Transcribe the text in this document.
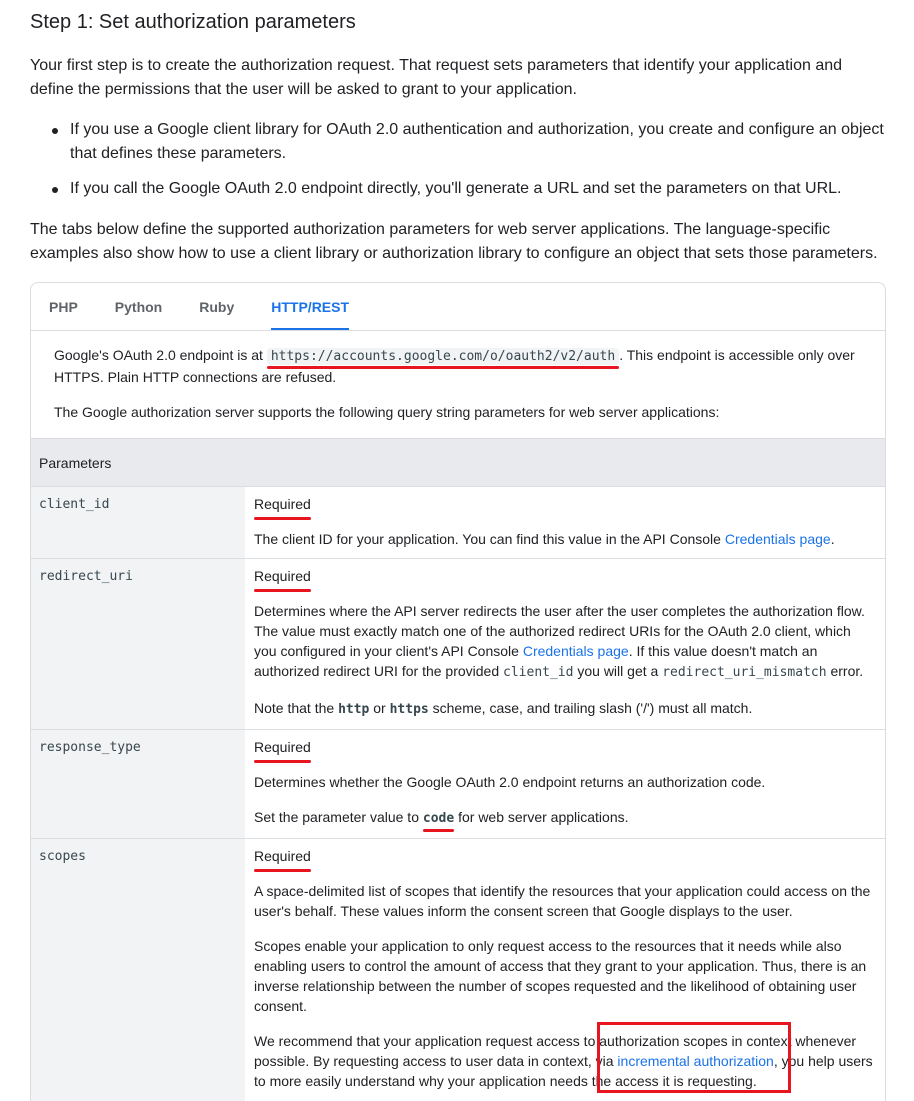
Step 1: Set authorization parameters

Your first step is to create the authorization request. That request sets parameters that identify your application and define the permissions that the user will be asked to grant to your application.

If you use a Google client library for OAuth 2.0 authentication and authorization, you create and configure an object that defines these parameters.
If you call the Google OAuth 2.0 endpoint directly, you'll generate a URL and set the parameters on that URL.

The tabs below define the supported authorization parameters for web server applications. The language-specific examples also show how to use a client library or authorization library to configure an object that sets those parameters.

PHP	Python	Ruby	HTTP/REST

Google's OAuth 2.0 endpoint is at https://accounts.google.com/o/oauth2/v2/auth . This endpoint is accessible only over HTTPS. Plain HTTP connections are refused.

The Google authorization server supports the following query string parameters for web server applications:

Parameters	
client_id	Required

The client ID for your application. You can find this value in the API Console Credentials page.

redirect_uri	Required

Determines where the API server redirects the user after the user completes the authorization flow. The value must exactly match one of the authorized redirect URIs for the OAuth 2.0 client, which you configured in your client's API Console Credentials page. If this value doesn't match an authorized redirect URI for the provided client_id you will get a redirect_uri_mismatch error.

Note that the http or https scheme, case, and trailing slash ('/') must all match.

response_type	Required

Determines whether the Google OAuth 2.0 endpoint returns an authorization code.

Set the parameter value to code for web server applications.

scopes	Required

A space-delimited list of scopes that identify the resources that your application could access on the user's behalf. These values inform the consent screen that Google displays to the user.

Scopes enable your application to only request access to the resources that it needs while also enabling users to control the amount of access that they grant to your application. Thus, there is an inverse relationship between the number of scopes requested and the likelihood of obtaining user consent.

We recommend that your application request access to authorization scopes in context whenever possible. By requesting access to user data in context, via incremental authorization, you help users to more easily understand why your application needs the access it is requesting.
